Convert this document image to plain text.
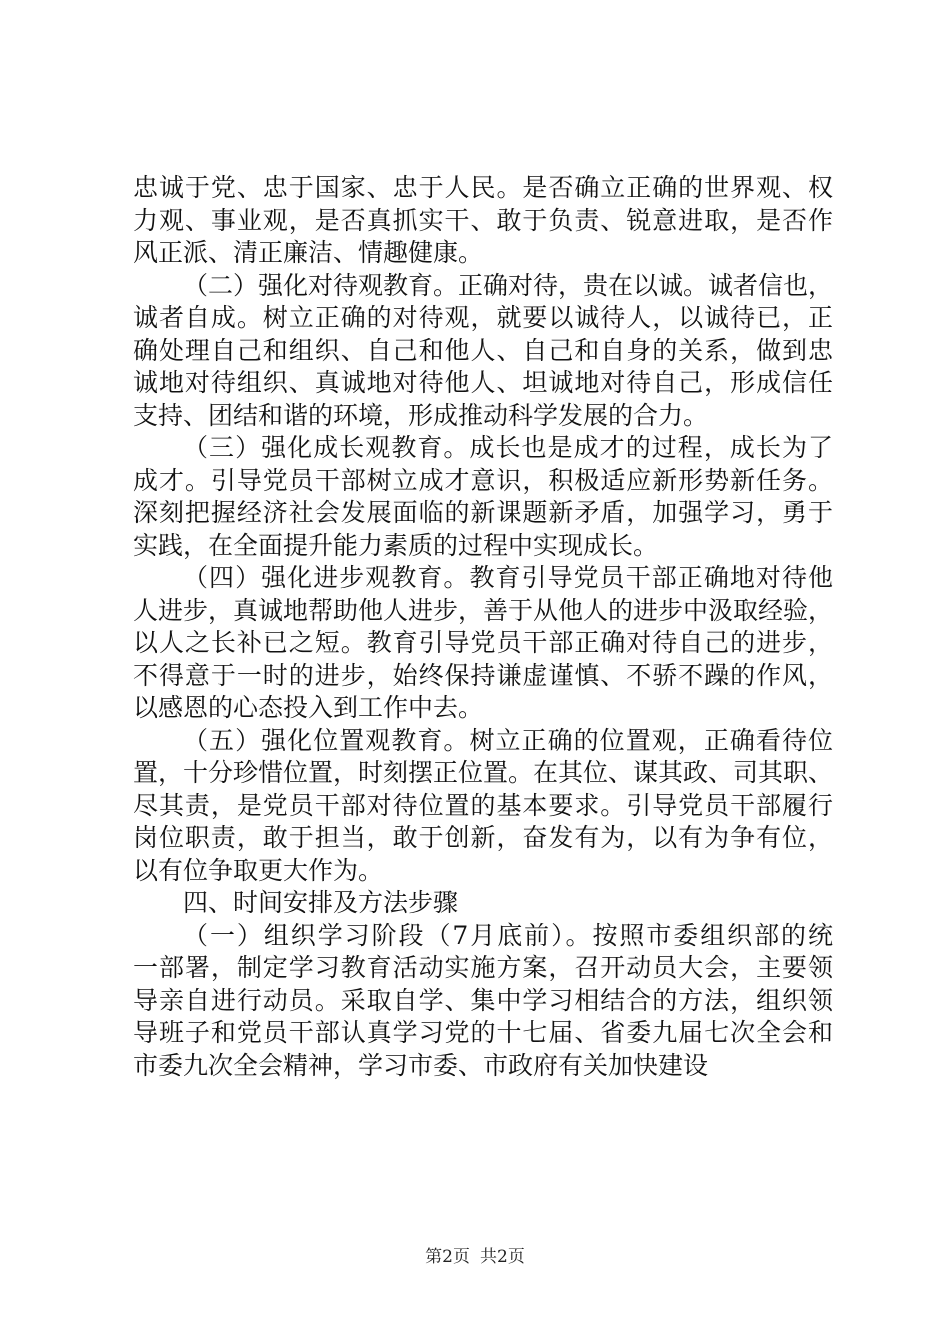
忠诚于党、忠于国家、忠于人民。是否确立正确的世界观、权
力观、事业观，是否真抓实干、敢于负责、锐意进取，是否作
风正派、清正廉洁、情趣健康。
（二）强化对待观教育。正确对待，贵在以诚。诚者信也，
诚者自成。树立正确的对待观，就要以诚待人，以诚待已，正
确处理自己和组织、自己和他人、自己和自身的关系，做到忠
诚地对待组织、真诚地对待他人、坦诚地对待自己，形成信任
支持、团结和谐的环境，形成推动科学发展的合力。
（三）强化成长观教育。成长也是成才的过程，成长为了
成才。引导党员干部树立成才意识，积极适应新形势新任务。
深刻把握经济社会发展面临的新课题新矛盾，加强学习，勇于
实践，在全面提升能力素质的过程中实现成长。
（四）强化进步观教育。教育引导党员干部正确地对待他
人进步，真诚地帮助他人进步，善于从他人的进步中汲取经验，
以人之长补已之短。教育引导党员干部正确对待自己的进步，
不得意于一时的进步，始终保持谦虚谨慎、不骄不躁的作风，
以感恩的心态投入到工作中去。
（五）强化位置观教育。树立正确的位置观，正确看待位
置，十分珍惜位置，时刻摆正位置。在其位、谋其政、司其职、
尽其责，是党员干部对待位置的基本要求。引导党员干部履行
岗位职责，敢于担当，敢于创新，奋发有为，以有为争有位，
以有位争取更大作为。
四、时间安排及方法步骤
（一）组织学习阶段（7月底前）。按照市委组织部的统
一部署，制定学习教育活动实施方案，召开动员大会，主要领
导亲自进行动员。采取自学、集中学习相结合的方法，组织领
导班子和党员干部认真学习党的十七届、省委九届七次全会和
市委九次全会精神，学习市委、市政府有关加快建设
第2页 共2页
